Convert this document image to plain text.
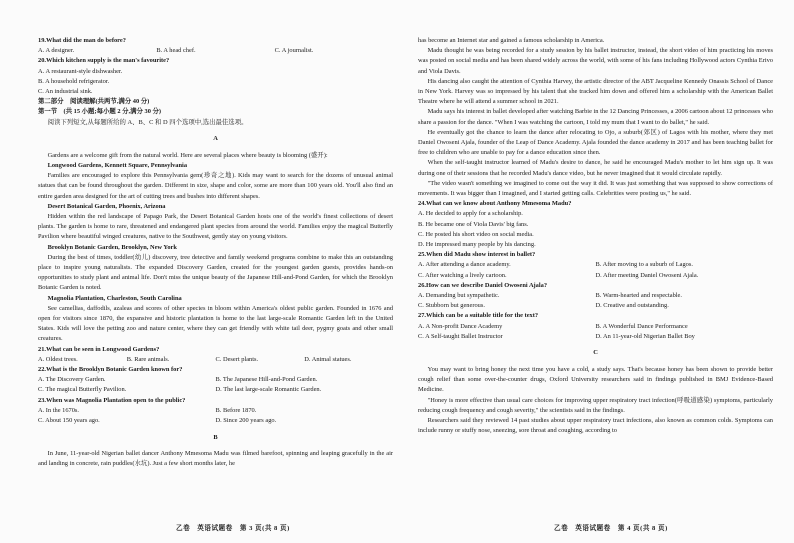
19.What did the man do before?

A. A designer.	B. A head chef.	C. A journalist.

20.Which kitchen supply is the man's favourite?

A. A restaurant-style dishwasher.

B. A household refrigerator.

C. An industrial sink.

第二部分　阅读理解(共两节,满分 40 分)

第一节　(共 15 小题;每小题 2 分,满分 30 分)

阅读下列短文,从每题所给的 A、B、C 和 D 四个选项中,选出最佳选项。

A

Gardens are a welcome gift from the natural world. Here are several places where beauty is blooming (盛开):

Longwood Gardens, Kennett Square, Pennsylvania

Families are encouraged to explore this Pennsylvania gem(珍奇之地). Kids may want to search for the dozens of unusual animal statues that can be found throughout the garden. Different in size, shape and color, some are more than 100 years old. You'll also find an entire garden area designed for the art of cutting trees and bushes into different shapes.

Desert Botanical Garden, Phoenix, Arizona

Hidden within the red landscape of Papago Park, the Desert Botanical Garden hosts one of the world's finest collections of desert plants. The garden is home to rare, threatened and endangered plant species from around the world. Families enjoy the magical Butterfly Pavilion where beautiful winged creatures, native to the Southwest, gently stay on young visitors.

Brooklyn Botanic Garden, Brooklyn, New York

During the best of times, toddler(幼儿) discovery, tree detective and family weekend programs combine to make this an outstanding place to inspire young naturalists. The expanded Discovery Garden, created for the youngest garden guests, provides hands-on opportunities to study plant and animal life. Don't miss the unique beauty of the Japanese Hill-and-Pond Garden, for which the Brooklyn Botanic Garden is noted.

Magnolia Plantation, Charleston, South Carolina

See camellias, daffodils, azaleas and scores of other species in bloom within America's oldest public garden. Founded in 1676 and open for visitors since 1870, the expansive and historic plantation is home to the last large-scale Romantic Garden left in the United States. Kids will love the petting zoo and nature center, where they can get friendly with white tail deer, pygmy goats and other small creatures.

21.What can be seen in Longwood Gardens?

A. Oldest trees.	B. Rare animals.	C. Desert plants.	D. Animal statues.

22.What is the Brooklyn Botanic Garden known for?

A. The Discovery Garden.	B. The Japanese Hill-and-Pond Garden.
C. The magical Butterfly Pavilion.	D. The last large-scale Romantic Garden.

23.When was Magnolia Plantation open to the public?

A. In the 1670s.	B. Before 1870.
C. About 150 years ago.	D. Since 200 years ago.

B

In June, 11-year-old Nigerian ballet dancer Anthony Mmesoma Madu was filmed barefoot, spinning and leaping gracefully in the air and landing in concrete, rain puddles(水坑). Just a few short months later, he

has become an Internet star and gained a famous scholarship in America.

Madu thought he was being recorded for a study session by his ballet instructor, instead, the short video of him practicing his moves was posted on social media and has been shared widely across the world, with some of his fans including Hollywood actors Cynthia Erivo and Viola Davis.

His dancing also caught the attention of Cynthia Harvey, the artistic director of the ABT Jacqueline Kennedy Onassis School of Dance in New York. Harvey was so impressed by his talent that she tracked him down and offered him a scholarship with the American Ballet Theatre where he will attend a summer school in 2021.

Madu says his interest in ballet developed after watching Barbie in the 12 Dancing Princesses, a 2006 cartoon about 12 princesses who share a passion for the dance. "When I was watching the cartoon, I told my mum that I want to do ballet," he said.

He eventually got the chance to learn the dance after relocating to Ojo, a suburb(郊区) of Lagos with his mother, where they met Daniel Owoseni Ajala, founder of the Leap of Dance Academy. Ajala founded the dance academy in 2017 and has been teaching ballet for free to children who are unable to pay for a dance education since then.

When the self-taught instructor learned of Madu's desire to dance, he said he encouraged Madu's mother to let him sign up. It was during one of their sessions that he recorded Madu's dance video, but he never imagined that it would circulate rapidly.

"The video wasn't something we imagined to come out the way it did. It was just something that was supposed to show corrections of movements. It was bigger than I imagined, and I started getting calls. Celebrities were posting us," he said.

24.What can we know about Anthony Mmesoma Madu?

A. He decided to apply for a scholarship.

B. He became one of Viola Davis' big fans.

C. He posted his short video on social media.

D. He impressed many people by his dancing.

25.When did Madu show interest in ballet?

A. After attending a dance academy.	B. After moving to a suburb of Lagos.
C. After watching a lively cartoon.	D. After meeting Daniel Owoseni Ajala.

26.How can we describe Daniel Owoseni Ajala?

A. Demanding but sympathetic.	B. Warm-hearted and respectable.
C. Stubborn but generous.	D. Creative and outstanding.

27.Which can be a suitable title for the text?

A. A Non-profit Dance Academy	B. A Wonderful Dance Performance
C. A Self-taught Ballet Instructor	D. An 11-year-old Nigerian Ballet Boy

C

You may want to bring honey the next time you have a cold, a study says. That's because honey has been shown to provide better cough relief than some over-the-counter drugs, Oxford University researchers said in findings published in BMJ Evidence-Based Medicine.

"Honey is more effective than usual care choices for improving upper respiratory tract infection(呼吸道感染) symptoms, particularly reducing cough frequency and cough severity," the scientists said in the findings.

Researchers said they reviewed 14 past studies about upper respiratory tract infections, also known as common colds. Symptoms can include runny or stuffy nose, sneezing, sore throat and coughing, according to

乙卷　英语试题卷　第 3 页(共 8 页)	乙卷　英语试题卷　第 4 页(共 8 页)
